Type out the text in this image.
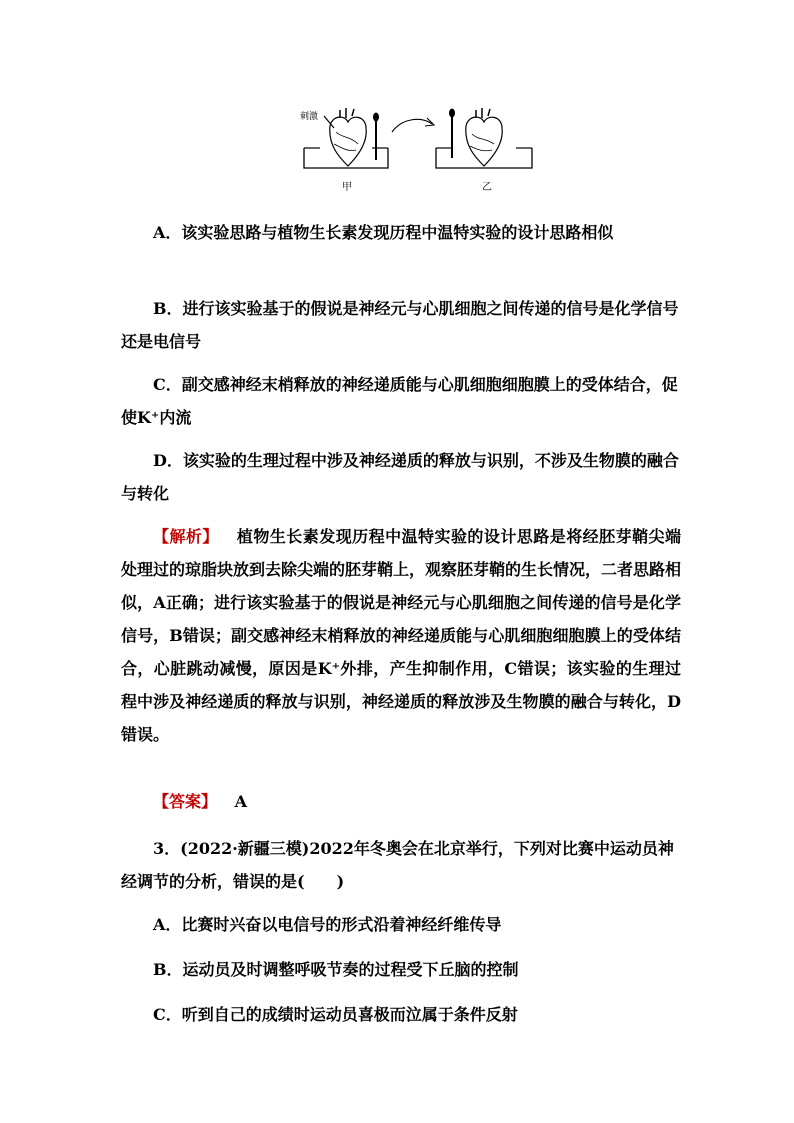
刺激
甲	乙
A．该实验思路与植物生长素发现历程中温特实验的设计思路相似
B．进行该实验基于的假说是神经元与心肌细胞之间传递的信号是化学信号还是电信号
C．副交感神经末梢释放的神经递质能与心肌细胞细胞膜上的受体结合，促使K⁺内流
D．该实验的生理过程中涉及神经递质的释放与识别，不涉及生物膜的融合与转化
【解析】 植物生长素发现历程中温特实验的设计思路是将经胚芽鞘尖端处理过的琼脂块放到去除尖端的胚芽鞘上，观察胚芽鞘的生长情况，二者思路相似，A正确；进行该实验基于的假说是神经元与心肌细胞之间传递的信号是化学信号，B错误；副交感神经末梢释放的神经递质能与心肌细胞细胞膜上的受体结合，心脏跳动减慢，原因是K⁺外排，产生抑制作用，C错误；该实验的生理过程中涉及神经递质的释放与识别，神经递质的释放涉及生物膜的融合与转化，D错误。
【答案】 A
3．(2022·新疆三模)2022年冬奥会在北京举行，下列对比赛中运动员神经调节的分析，错误的是(　　)
A．比赛时兴奋以电信号的形式沿着神经纤维传导
B．运动员及时调整呼吸节奏的过程受下丘脑的控制
C．听到自己的成绩时运动员喜极而泣属于条件反射
